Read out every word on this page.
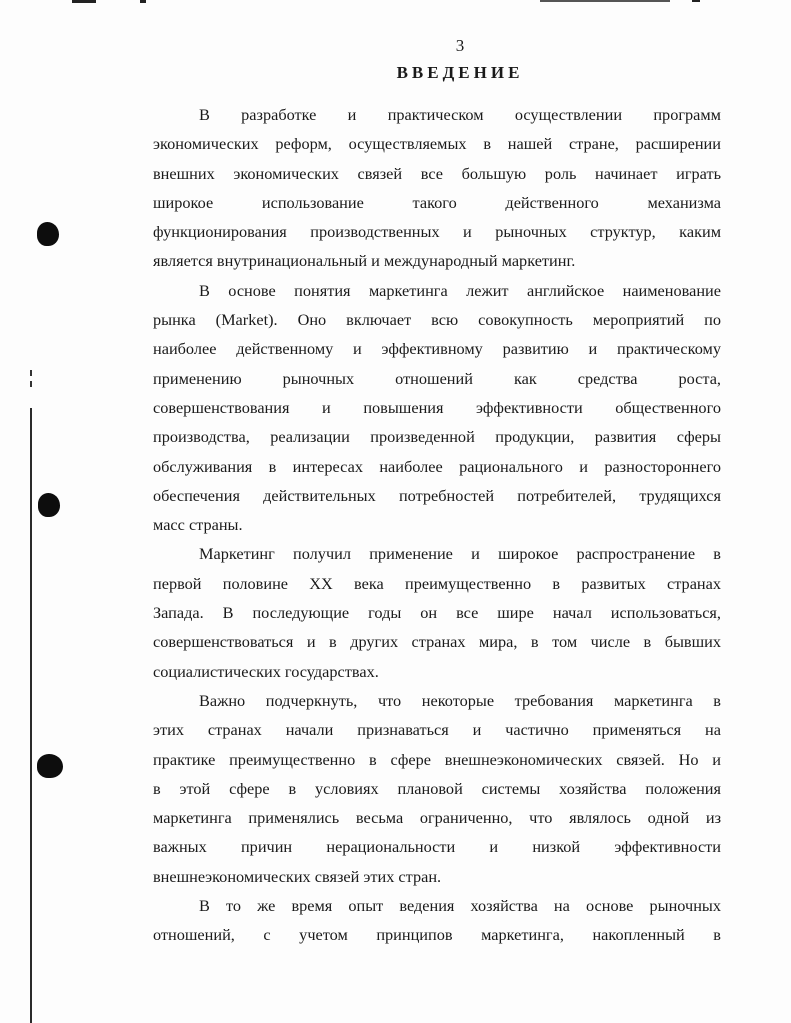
3
ВВЕДЕНИЕ
В разработке и практическом осуществлении программ
экономических реформ, осуществляемых в нашей стране, расширении
внешних экономических связей все большую роль начинает играть
широкое использование такого действенного механизма
функционирования производственных и рыночных структур, каким
является внутринациональный и международный маркетинг.
В основе понятия маркетинга лежит английское наименование
рынка (Market). Оно включает всю совокупность мероприятий по
наиболее действенному и эффективному развитию и практическому
применению рыночных отношений как средства роста,
совершенствования и повышения эффективности общественного
производства, реализации произведенной продукции, развития сферы
обслуживания в интересах наиболее рационального и разностороннего
обеспечения действительных потребностей потребителей, трудящихся
масс страны.
Маркетинг получил применение и широкое распространение в
первой половине XX века преимущественно в развитых странах
Запада. В последующие годы он все шире начал использоваться,
совершенствоваться и в других странах мира, в том числе в бывших
социалистических государствах.
Важно подчеркнуть, что некоторые требования маркетинга в
этих странах начали признаваться и частично применяться на
практике преимущественно в сфере внешнеэкономических связей. Но и
в этой сфере в условиях плановой системы хозяйства положения
маркетинга применялись весьма ограниченно, что являлось одной из
важных причин нерациональности и низкой эффективности
внешнеэкономических связей этих стран.
В то же время опыт ведения хозяйства на основе рыночных
отношений, с учетом принципов маркетинга, накопленный в
